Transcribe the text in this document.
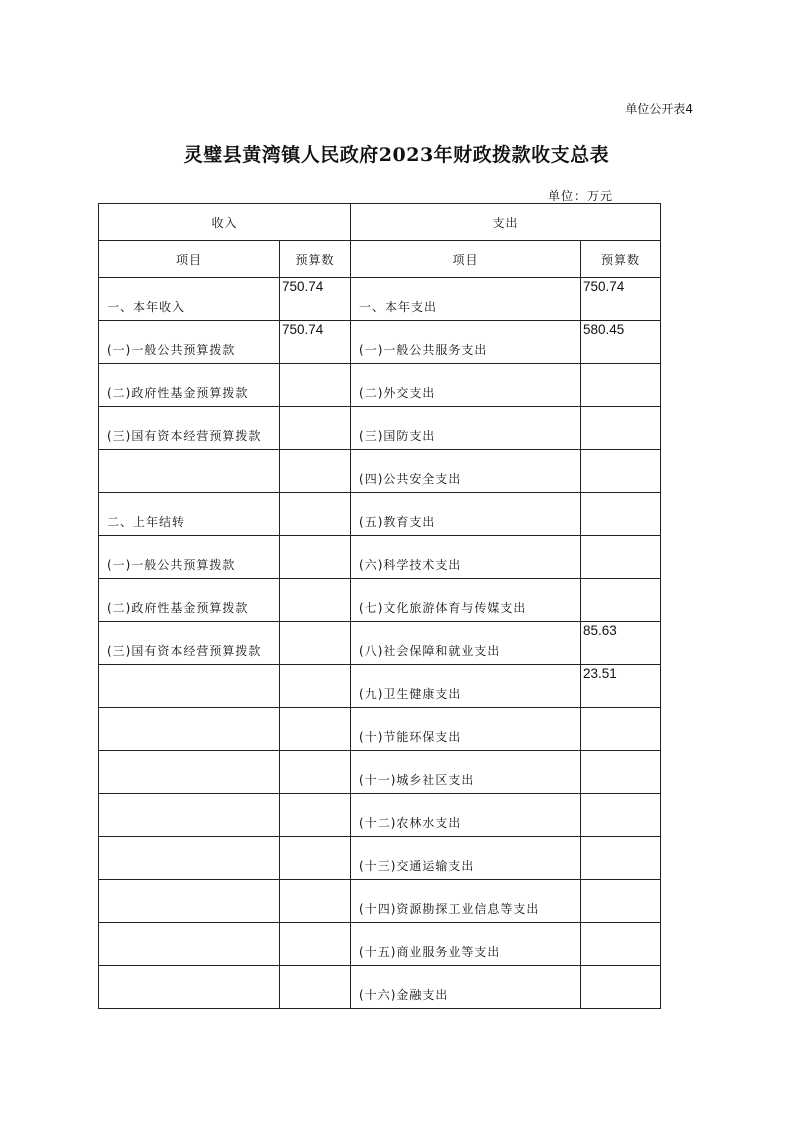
单位公开表4
灵璧县黄湾镇人民政府2023年财政拨款收支总表
单位：万元
收入		支出	
项目	预算数	项目	预算数
一、本年收入	750.74	一、本年支出	750.74
(一)一般公共预算拨款	750.74	(一)一般公共服务支出	580.45
(二)政府性基金预算拨款		(二)外交支出	
(三)国有资本经营预算拨款		(三)国防支出	
		(四)公共安全支出	
二、上年结转		(五)教育支出	
(一)一般公共预算拨款		(六)科学技术支出	
(二)政府性基金预算拨款		(七)文化旅游体育与传媒支出	
(三)国有资本经营预算拨款		(八)社会保障和就业支出	85.63
		(九)卫生健康支出	23.51
		(十)节能环保支出	
		(十一)城乡社区支出	
		(十二)农林水支出	
		(十三)交通运输支出	
		(十四)资源勘探工业信息等支出	
		(十五)商业服务业等支出	
		(十六)金融支出	
